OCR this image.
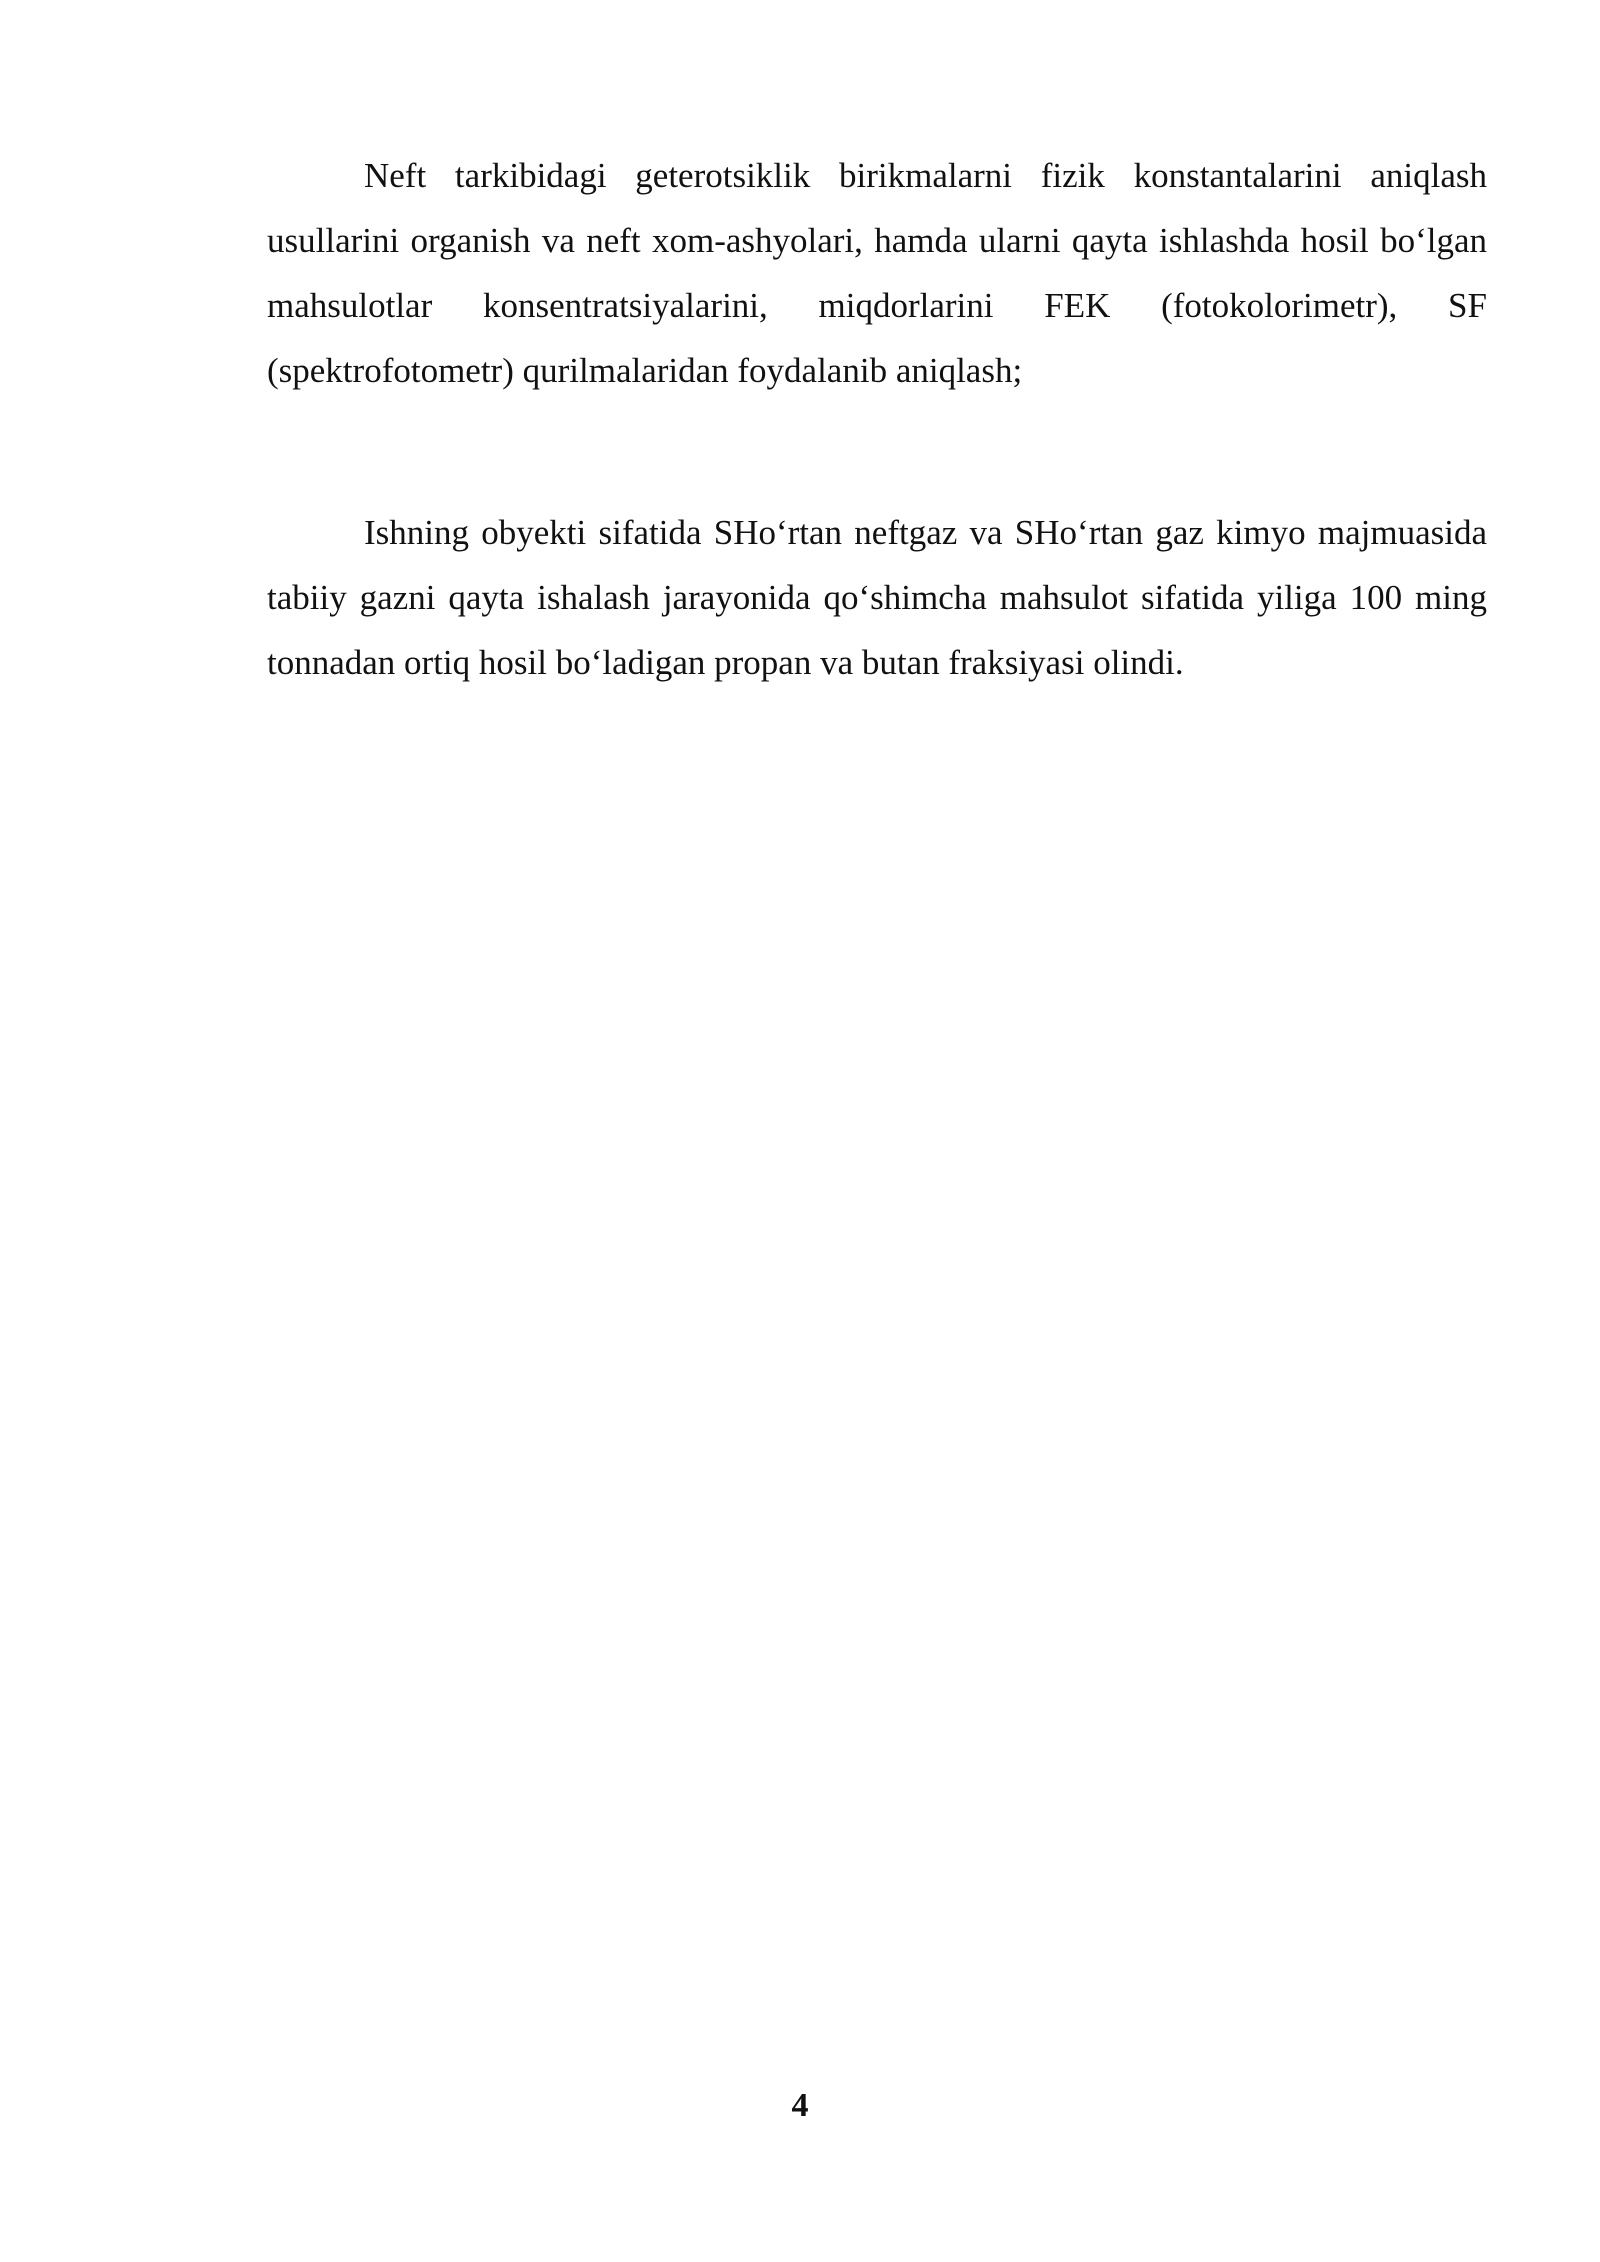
Neft tarkibidagi geterotsiklik birikmalarni fizik konstantalarini aniqlash usullarini organish va neft xom-ashyolari, hamda ularni qayta ishlashda hosil bo‘lgan mahsulotlar konsentratsiyalarini, miqdorlarini FEK (fotokolorimetr), SF (spektrofotometr) qurilmalaridan foydalanib aniqlash;

Ishning obyekti sifatida SHo‘rtan neftgaz va SHo‘rtan gaz kimyo majmuasida tabiiy gazni qayta ishalash jarayonida qo‘shimcha mahsulot sifatida yiliga 100 ming tonnadan ortiq hosil bo‘ladigan propan va butan fraksiyasi olindi.

4
